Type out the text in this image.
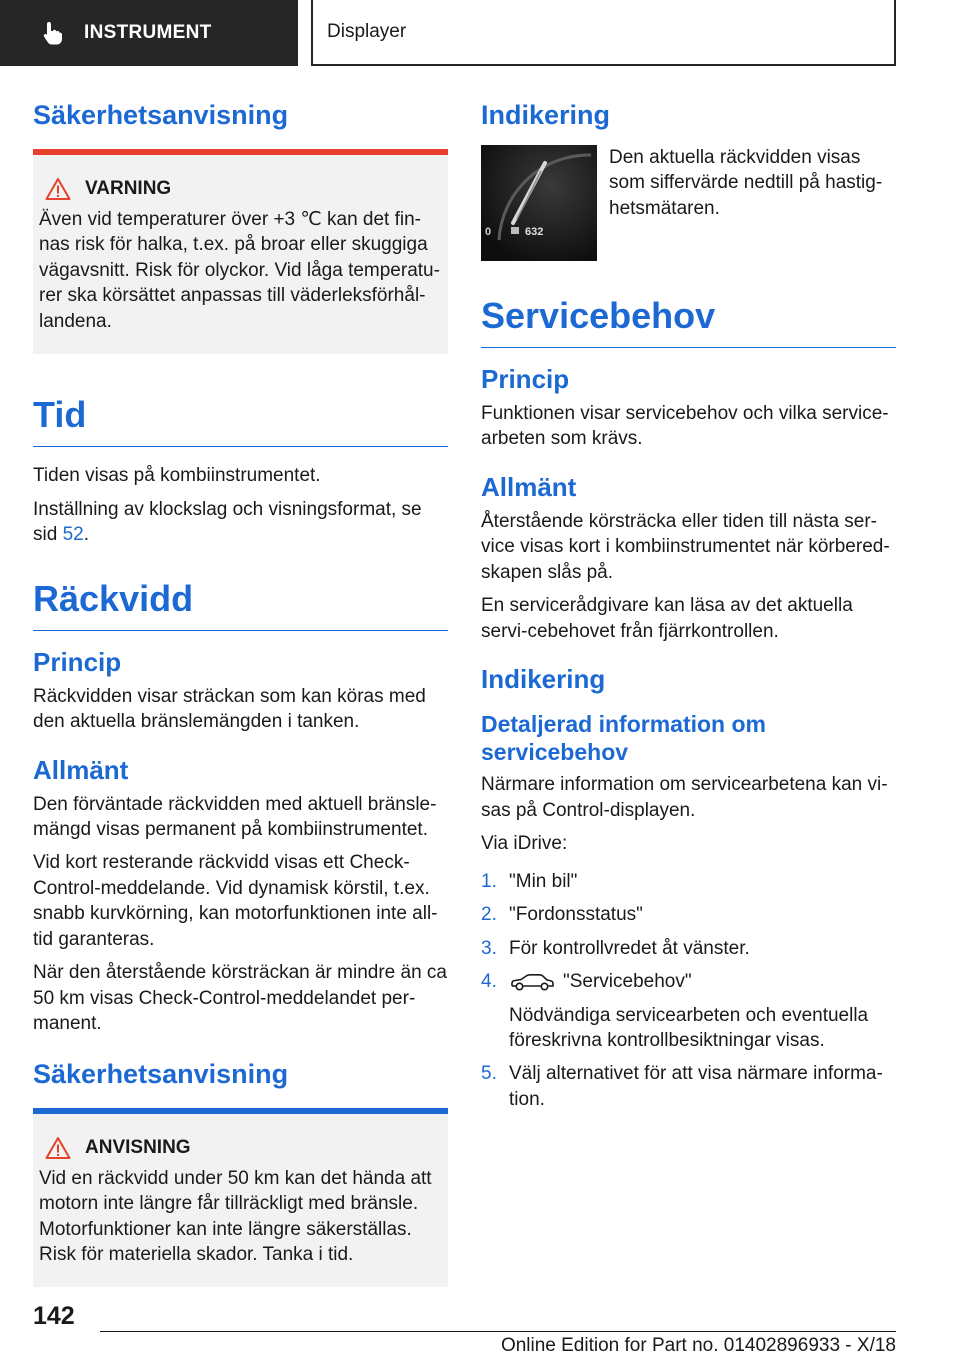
INSTRUMENT	Displayer
Säkerhetsanvisning
VARNING

Även vid temperaturer över +3 ℃ kan det fin-nas risk för halka, t.ex. på broar eller skuggiga vägavsnitt. Risk för olyckor. Vid låga temperatu-rer ska körsättet anpassas till väderleksförhål-landena.

Tid

Tiden visas på kombiinstrumentet.

Inställning av klockslag och visningsformat, se sid 52.

Räckvidd
Princip

Räckvidden visar sträckan som kan köras med den aktuella bränslemängden i tanken.

Allmänt

Den förväntade räckvidden med aktuell bränsle-mängd visas permanent på kombiinstrumentet.

Vid kort resterande räckvidd visas ett Check-Control-meddelande. Vid dynamisk körstil, t.ex. snabb kurvkörning, kan motorfunktionen inte all-tid garanteras.

När den återstående körsträckan är mindre än ca 50 km visas Check-Control-meddelandet per-manent.

Säkerhetsanvisning
ANVISNING

Vid en räckvidd under 50 km kan det hända att motorn inte längre får tillräckligt med bränsle. Motorfunktioner kan inte längre säkerställas. Risk för materiella skador. Tanka i tid.

Indikering
0	632

Den aktuella räckvidden visas som siffervärde nedtill på hastig-hetsmätaren.

Servicebehov
Princip

Funktionen visar servicebehov och vilka service-arbeten som krävs.

Allmänt

Återstående körsträcka eller tiden till nästa ser-vice visas kort i kombiinstrumentet när körbered-skapen slås på.

En servicerådgivare kan läsa av det aktuella servi-cebehovet från fjärrkontrollen.

Indikering
Detaljerad information om servicebehov

Närmare information om servicearbetena kan vi-sas på Control-displayen.

Via iDrive:

1. "Min bil"
2. "Fordonsstatus"
3. För kontrollvredet åt vänster.
4.	"Servicebehov"
Nödvändiga servicearbeten och eventuella föreskrivna kontrollbesiktningar visas.
5. Välj alternativet för att visa närmare informa-tion.
142
Online Edition for Part no. 01402896933 - X/18
